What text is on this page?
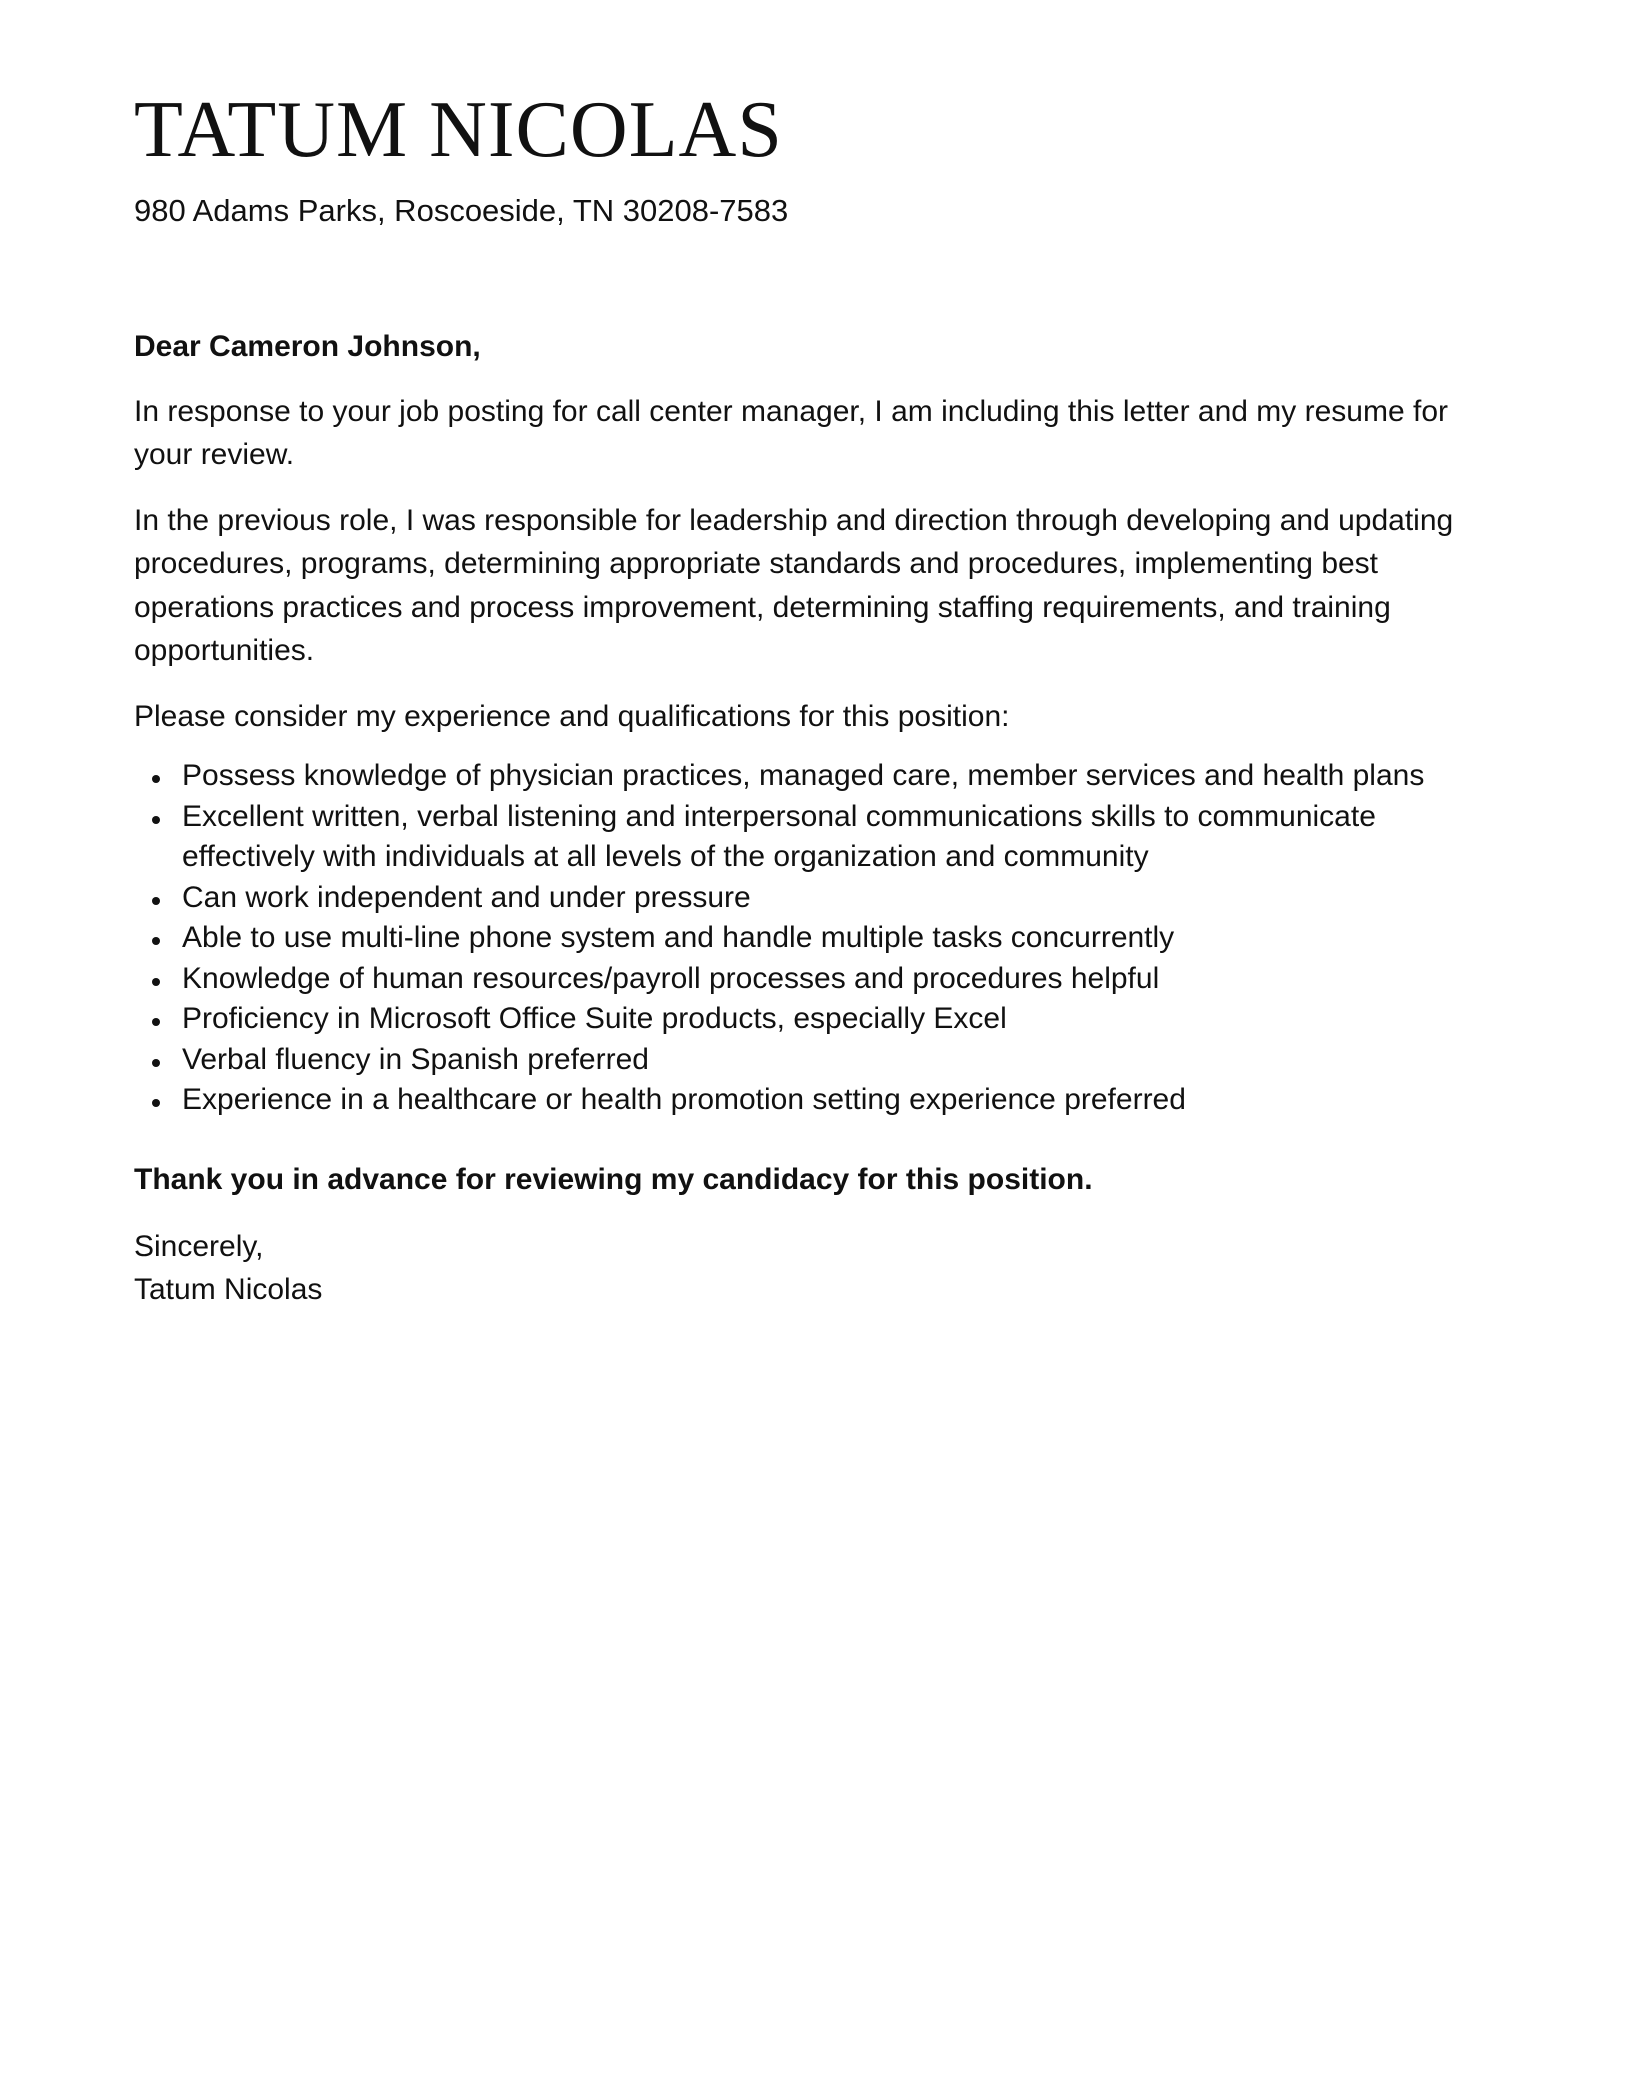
TATUM NICOLAS
980 Adams Parks, Roscoeside, TN 30208-7583
Dear Cameron Johnson,
In response to your job posting for call center manager, I am including this letter and my resume for your review.
In the previous role, I was responsible for leadership and direction through developing and updating procedures, programs, determining appropriate standards and procedures, implementing best operations practices and process improvement, determining staffing requirements, and training opportunities.
Please consider my experience and qualifications for this position:
Possess knowledge of physician practices, managed care, member services and health plans
Excellent written, verbal listening and interpersonal communications skills to communicate effectively with individuals at all levels of the organization and community
Can work independent and under pressure
Able to use multi-line phone system and handle multiple tasks concurrently
Knowledge of human resources/payroll processes and procedures helpful
Proficiency in Microsoft Office Suite products, especially Excel
Verbal fluency in Spanish preferred
Experience in a healthcare or health promotion setting experience preferred
Thank you in advance for reviewing my candidacy for this position.
Sincerely,
Tatum Nicolas
